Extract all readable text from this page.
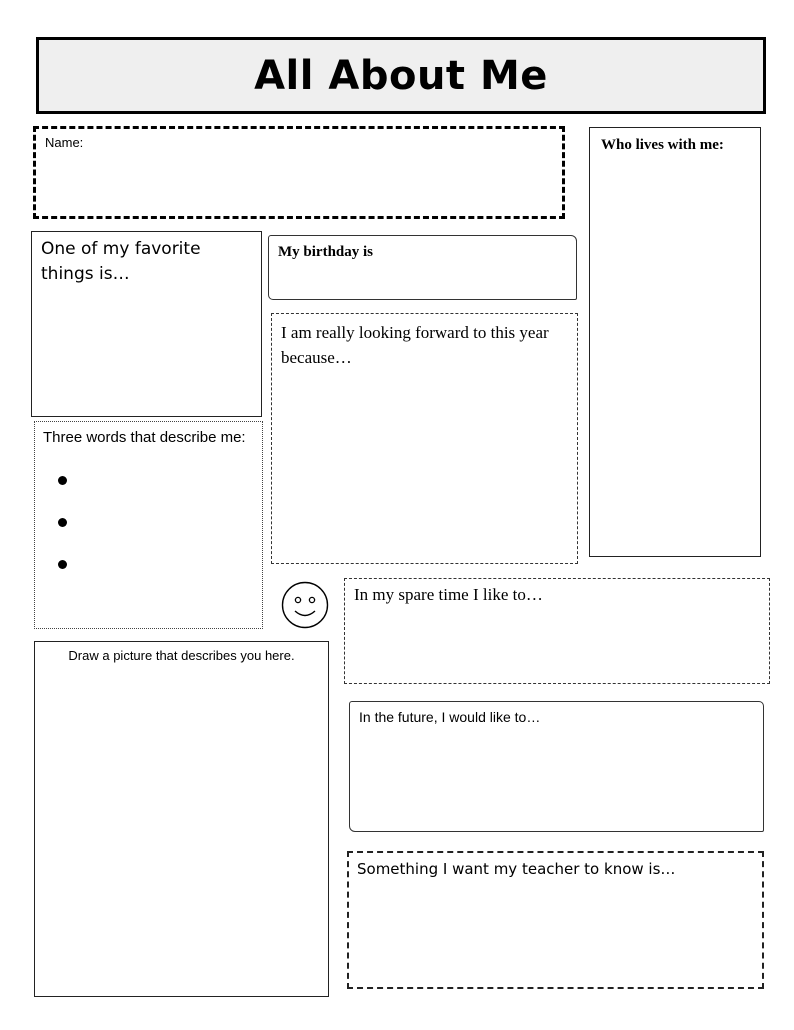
All About Me
Name:	Who lives with me:
One of my favorite things is…
My birthday is
I am really looking forward to this year because…
Three words that describe me:
In my spare time I like to…
Draw a picture that describes you here.
In the future, I would like to…
Something I want my teacher to know is…
